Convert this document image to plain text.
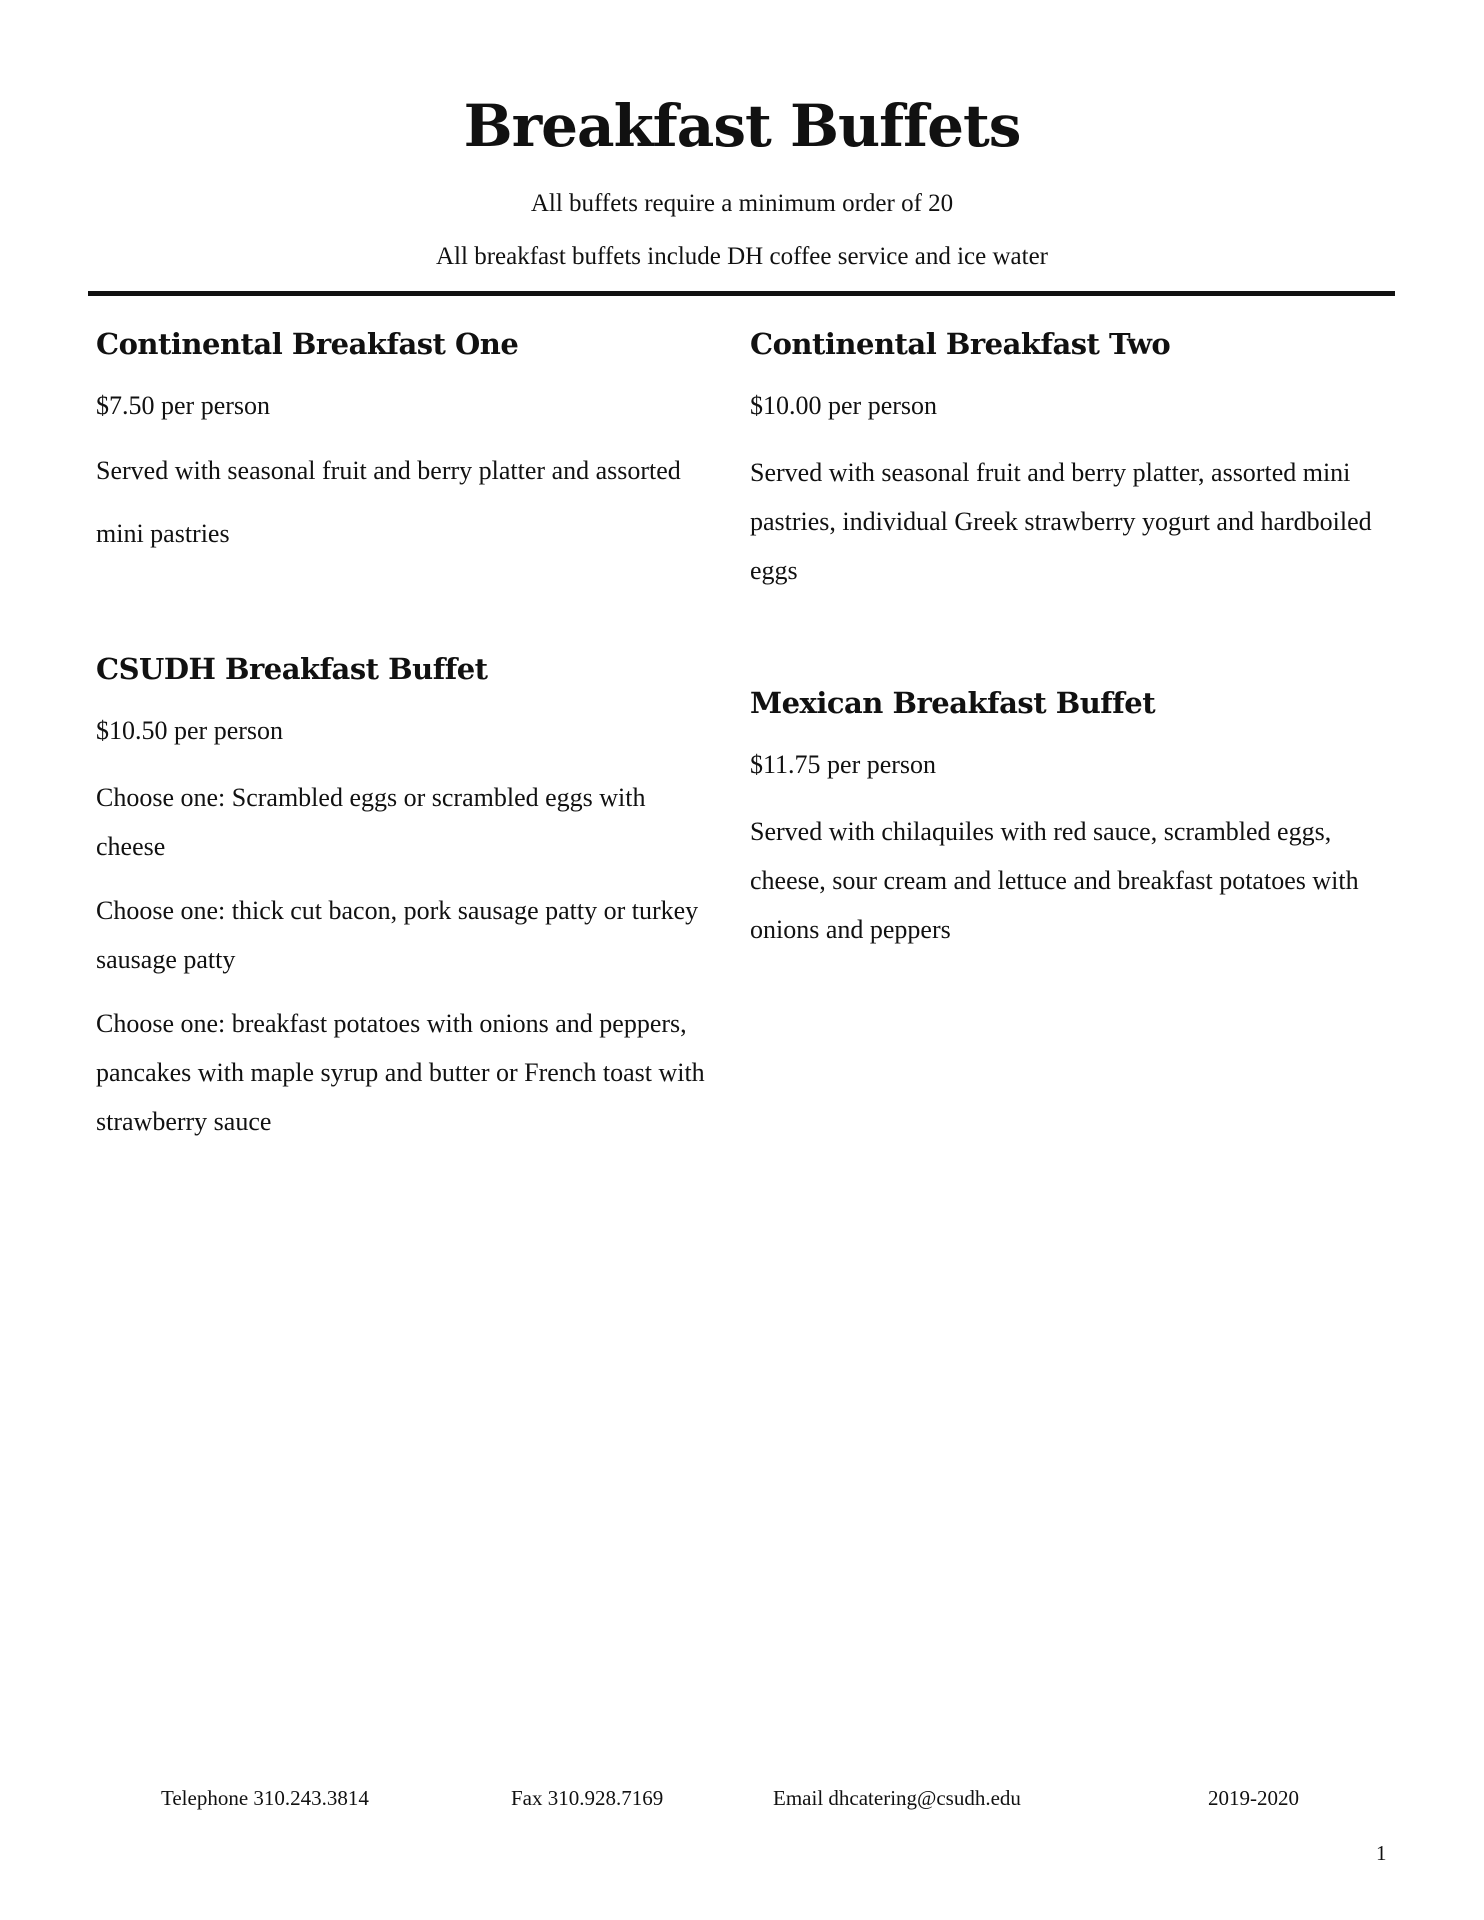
Breakfast Buffets
All buffets require a minimum order of 20
All breakfast buffets include DH coffee service and ice water
Continental Breakfast One

$7.50 per person

Served with seasonal fruit and berry platter and assorted mini pastries

Continental Breakfast Two

$10.00 per person

Served with seasonal fruit and berry platter, assorted mini pastries, individual Greek strawberry yogurt and hardboiled eggs

CSUDH Breakfast Buffet

$10.50 per person

Choose one: Scrambled eggs or scrambled eggs with cheese

Choose one: thick cut bacon, pork sausage patty or turkey sausage patty

Choose one: breakfast potatoes with onions and peppers, pancakes with maple syrup and butter or French toast with strawberry sauce

Mexican Breakfast Buffet

$11.75 per person

Served with chilaquiles with red sauce, scrambled eggs, cheese, sour cream and lettuce and breakfast potatoes with onions and peppers

Telephone 310.243.3814	Fax 310.928.7169	Email dhcatering@csudh.edu	2019-2020
1
